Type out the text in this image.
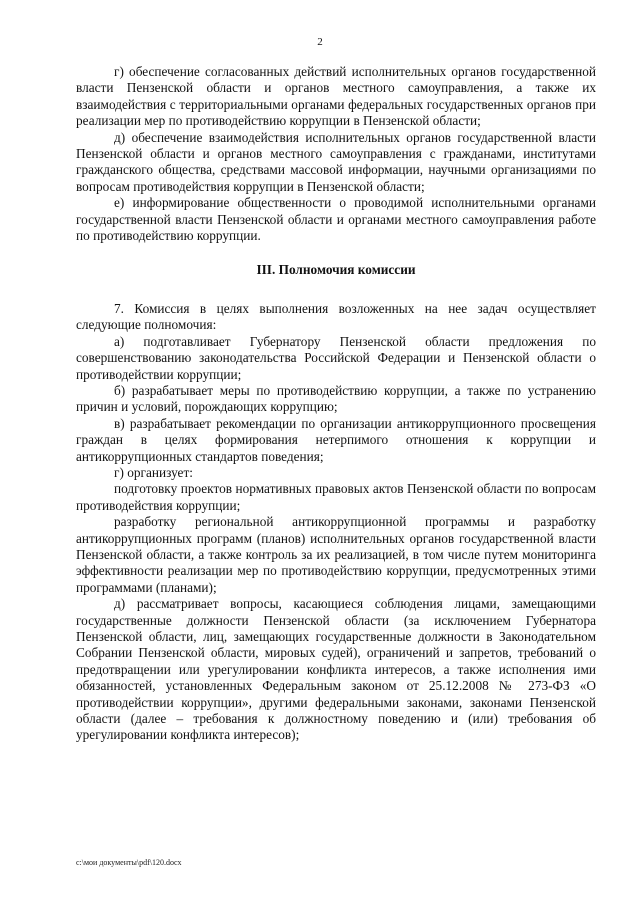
2

г) обеспечение согласованных действий исполнительных органов государственной власти Пензенской области и органов местного самоуправления, а также их взаимодействия с территориальными органами федеральных государственных органов при реализации мер по противодействию коррупции в Пензенской области;

д) обеспечение взаимодействия исполнительных органов государственной власти Пензенской области и органов местного самоуправления с гражданами, институтами гражданского общества, средствами массовой информации, научными организациями по вопросам противодействия коррупции в Пензенской области;

е) информирование общественности о проводимой исполнительными органами государственной власти Пензенской области и органами местного самоуправления работе по противодействию коррупции.

III. Полномочия комиссии

7. Комиссия в целях выполнения возложенных на нее задач осуществляет следующие полномочия:

а) подготавливает Губернатору Пензенской области предложения по совершенствованию законодательства Российской Федерации и Пензенской области о противодействии коррупции;

б) разрабатывает меры по противодействию коррупции, а также по устранению причин и условий, порождающих коррупцию;

в) разрабатывает рекомендации по организации антикоррупционного просвещения граждан в целях формирования нетерпимого отношения к коррупции и антикоррупционных стандартов поведения;

г) организует:

подготовку проектов нормативных правовых актов Пензенской области по вопросам противодействия коррупции;

разработку региональной антикоррупционной программы и разработку антикоррупционных программ (планов) исполнительных органов государственной власти Пензенской области, а также контроль за их реализацией, в том числе путем мониторинга эффективности реализации мер по противодействию коррупции, предусмотренных этими программами (планами);

д) рассматривает вопросы, касающиеся соблюдения лицами, замещающими государственные должности Пензенской области (за исключением Губернатора Пензенской области, лиц, замещающих государственные должности в Законодательном Собрании Пензенской области, мировых судей), ограничений и запретов, требований о предотвращении или урегулировании конфликта интересов, а также исполнения ими обязанностей, установленных Федеральным законом от 25.12.2008 № 273-ФЗ «О противодействии коррупции», другими федеральными законами, законами Пензенской области (далее – требования к должностному поведению и (или) требования об урегулировании конфликта интересов);

c:\мои документы\pdf\120.docx
